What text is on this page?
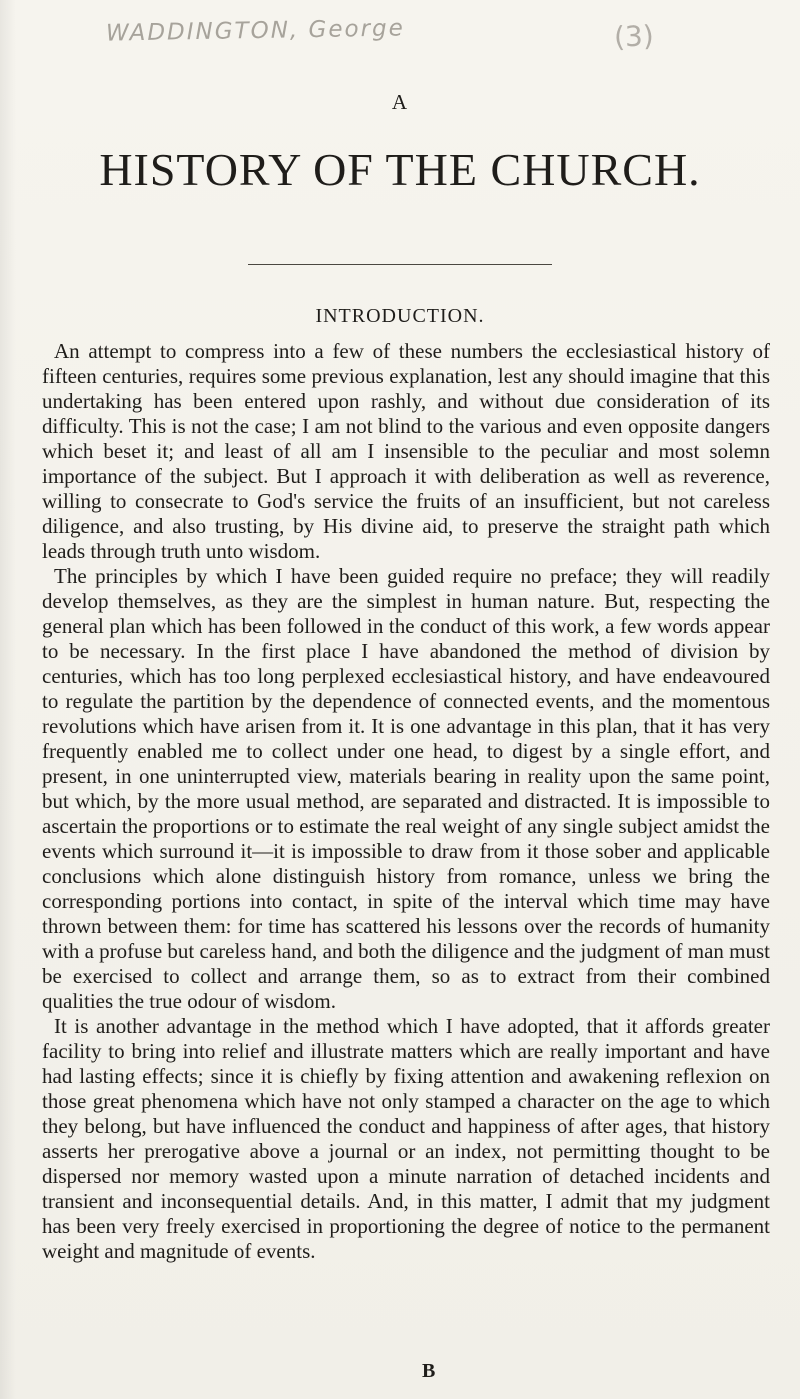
WADDINGTON, George	(3)
A
HISTORY OF THE CHURCH.
INTRODUCTION.

An attempt to compress into a few of these numbers the ecclesiastical history of fifteen centuries, requires some previous explanation, lest any should imagine that this undertaking has been entered upon rashly, and without due consideration of its difficulty. This is not the case; I am not blind to the various and even opposite dangers which beset it; and least of all am I insensible to the peculiar and most solemn importance of the subject. But I approach it with deliberation as well as reverence, willing to consecrate to God's service the fruits of an insufficient, but not careless diligence, and also trusting, by His divine aid, to preserve the straight path which leads through truth unto wisdom.

The principles by which I have been guided require no preface; they will readily develop themselves, as they are the simplest in human nature. But, respecting the general plan which has been followed in the conduct of this work, a few words appear to be necessary. In the first place I have abandoned the method of division by centuries, which has too long perplexed ecclesiastical history, and have endeavoured to regulate the partition by the dependence of connected events, and the momentous revolutions which have arisen from it. It is one advantage in this plan, that it has very frequently enabled me to collect under one head, to digest by a single effort, and present, in one uninterrupted view, materials bearing in reality upon the same point, but which, by the more usual method, are separated and distracted. It is impossible to ascertain the proportions or to estimate the real weight of any single subject amidst the events which surround it—it is impossible to draw from it those sober and applicable conclusions which alone distinguish history from romance, unless we bring the corresponding portions into contact, in spite of the interval which time may have thrown between them: for time has scattered his lessons over the records of humanity with a profuse but careless hand, and both the diligence and the judgment of man must be exercised to collect and arrange them, so as to extract from their combined qualities the true odour of wisdom.

It is another advantage in the method which I have adopted, that it affords greater facility to bring into relief and illustrate matters which are really important and have had lasting effects; since it is chiefly by fixing attention and awakening reflexion on those great phenomena which have not only stamped a character on the age to which they belong, but have influenced the conduct and happiness of after ages, that history asserts her prerogative above a journal or an index, not permitting thought to be dispersed nor memory wasted upon a minute narration of detached incidents and transient and inconsequential details. And, in this matter, I admit that my judgment has been very freely exercised in proportioning the degree of notice to the permanent weight and magnitude of events.

B
